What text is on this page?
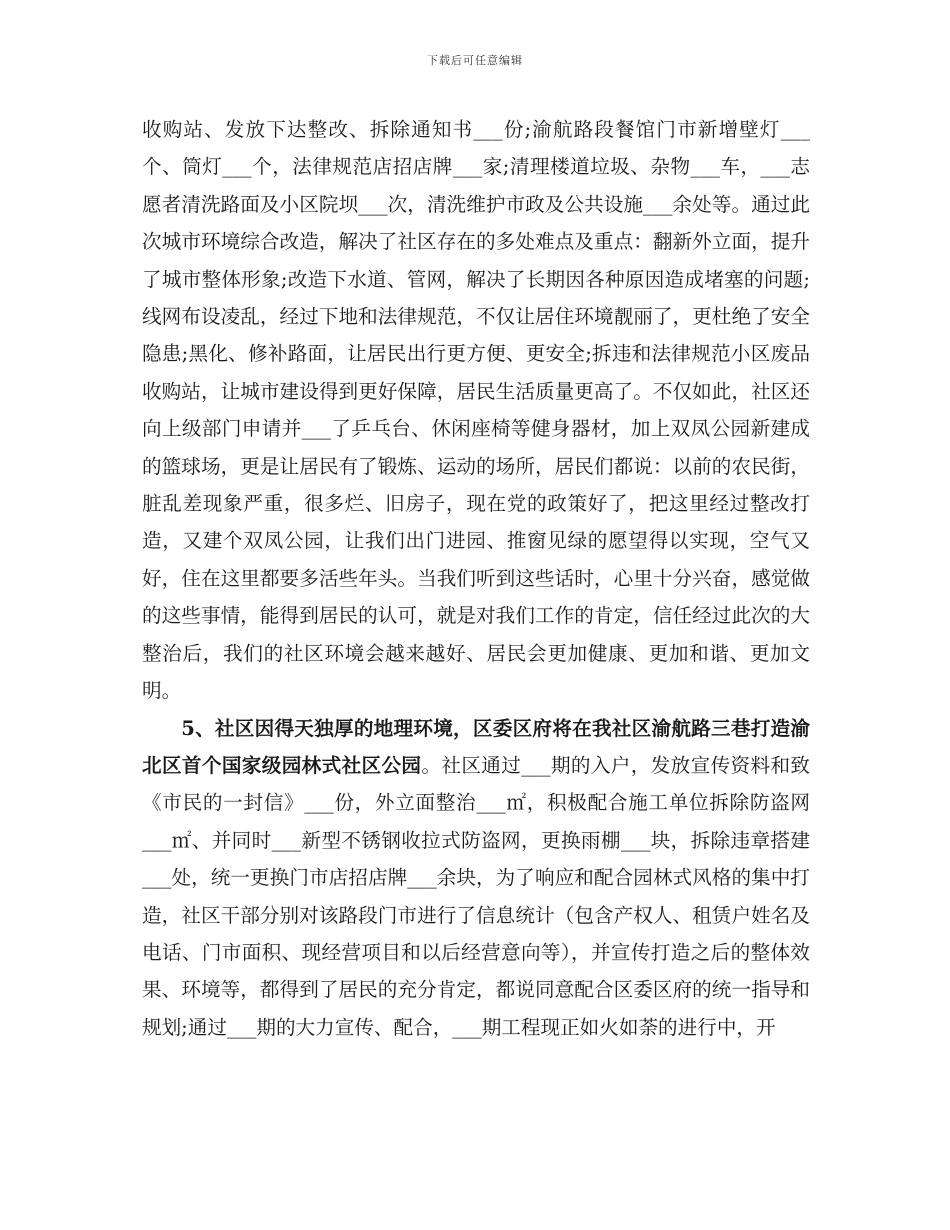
下载后可任意编辑

收购站、发放下达整改、拆除通知书___份;渝航路段餐馆门市新增壁灯___个、筒灯___个，法律规范店招店牌___家;清理楼道垃圾、杂物___车，___志愿者清洗路面及小区院坝___次，清洗维护市政及公共设施___余处等。通过此次城市环境综合改造，解决了社区存在的多处难点及重点：翻新外立面，提升了城市整体形象;改造下水道、管网，解决了长期因各种原因造成堵塞的问题;线网布设凌乱，经过下地和法律规范，不仅让居住环境靓丽了，更杜绝了安全隐患;黑化、修补路面，让居民出行更方便、更安全;拆违和法律规范小区废品收购站，让城市建设得到更好保障，居民生活质量更高了。不仅如此，社区还向上级部门申请并___了乒乓台、休闲座椅等健身器材，加上双凤公园新建成的篮球场，更是让居民有了锻炼、运动的场所，居民们都说：以前的农民街，脏乱差现象严重，很多烂、旧房子，现在党的政策好了，把这里经过整改打造，又建个双凤公园，让我们出门进园、推窗见绿的愿望得以实现，空气又好，住在这里都要多活些年头。当我们听到这些话时，心里十分兴奋，感觉做的这些事情，能得到居民的认可，就是对我们工作的肯定，信任经过此次的大整治后，我们的社区环境会越来越好、居民会更加健康、更加和谐、更加文明。

5、社区因得天独厚的地理环境，区委区府将在我社区渝航路三巷打造渝北区首个国家级园林式社区公园。社区通过___期的入户，发放宣传资料和致《市民的一封信》___份，外立面整治___㎡，积极配合施工单位拆除防盗网___㎡、并同时___新型不锈钢收拉式防盗网，更换雨棚___块，拆除违章搭建___处，统一更换门市店招店牌___余块，为了响应和配合园林式风格的集中打造，社区干部分别对该路段门市进行了信息统计（包含产权人、租赁户姓名及电话、门市面积、现经营项目和以后经营意向等），并宣传打造之后的整体效果、环境等，都得到了居民的充分肯定，都说同意配合区委区府的统一指导和规划;通过___期的大力宣传、配合，___期工程现正如火如荼的进行中，开
